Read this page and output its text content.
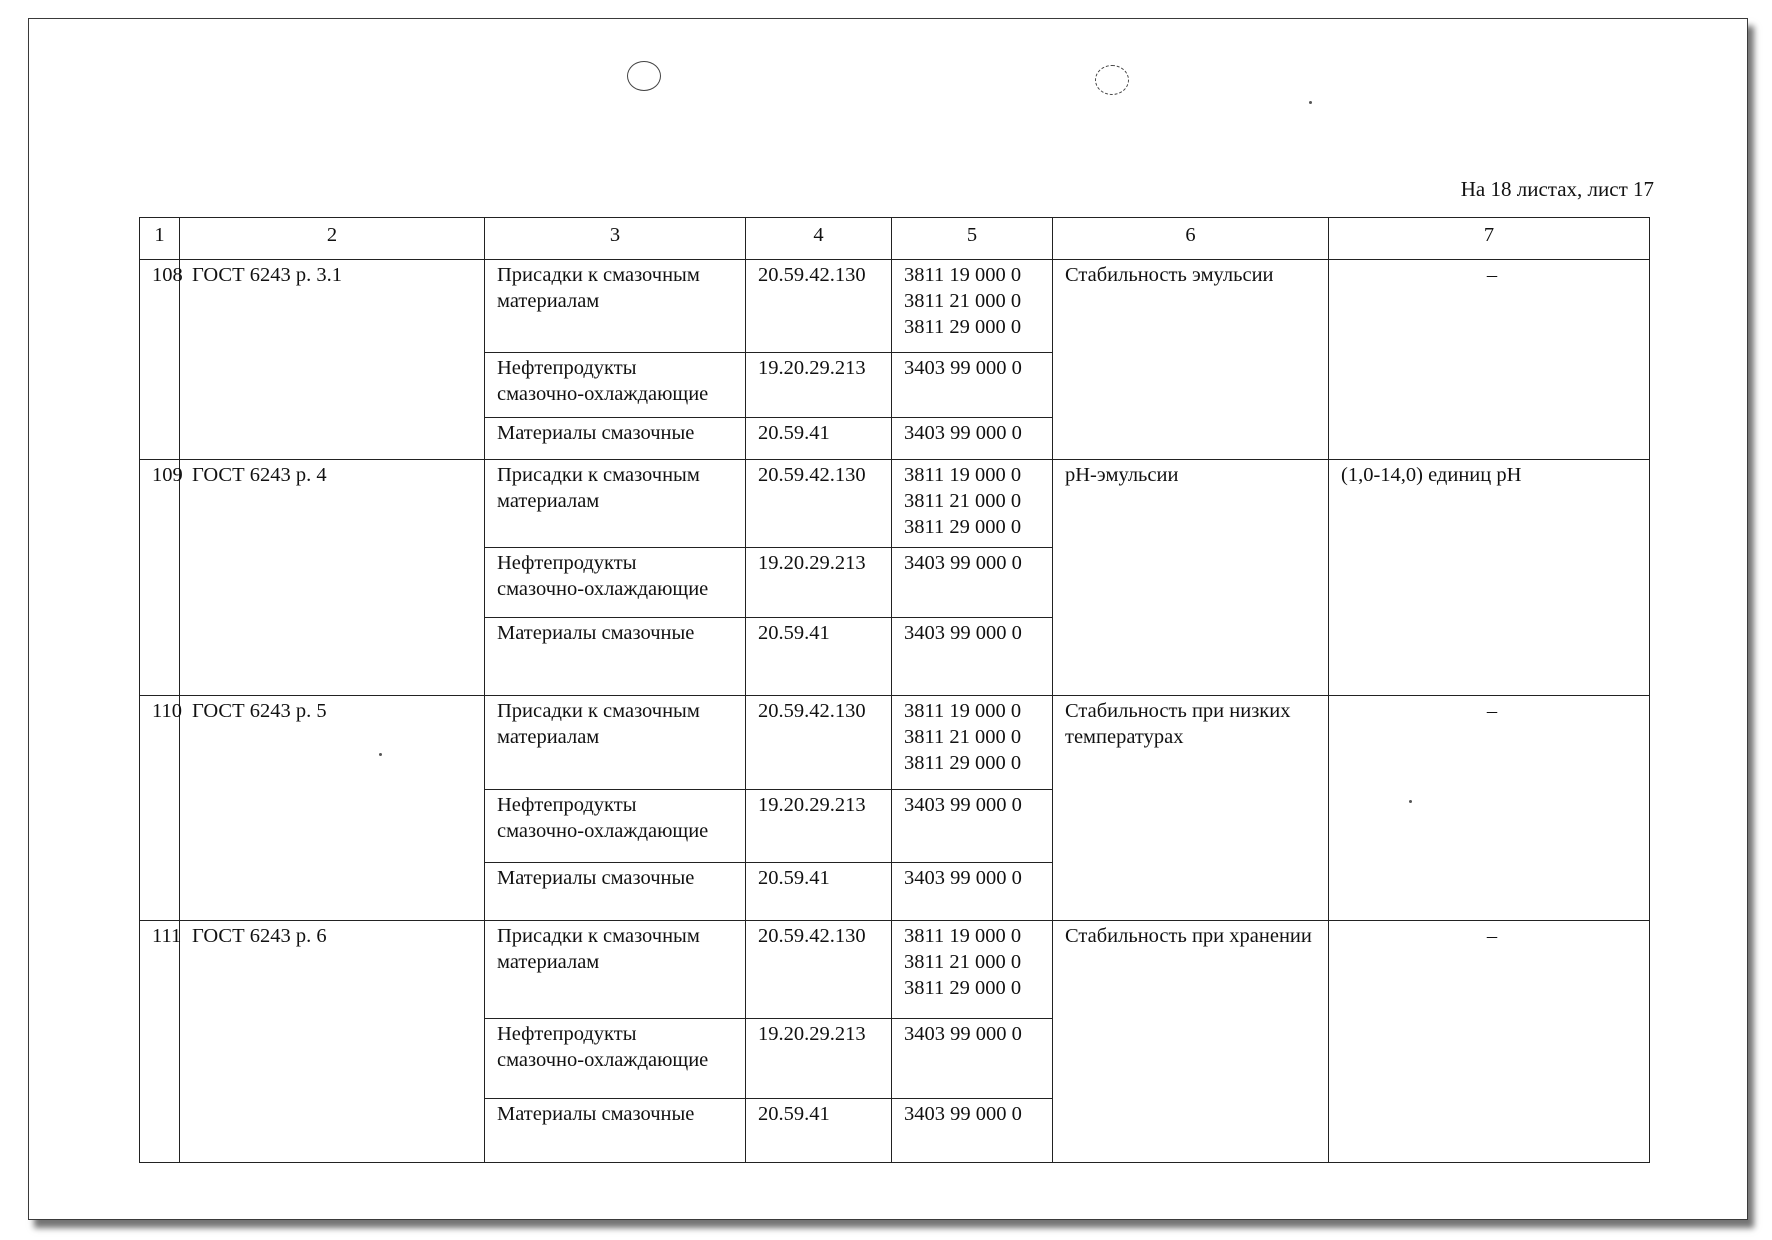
На 18 листах, лист 17
1	2	3	4	5	6	7
108	ГОСТ 6243 р. 3.1	Присадки к смазочным
материалам	20.59.42.130	3811 19 000 0
3811 21 000 0
3811 29 000 0	Стабильность эмульсии	–

		Нефтепродукты
смазочно-охлаждающие	19.20.29.213	3403 99 000 0		

		Материалы смазочные	20.59.41	3403 99 000 0		

109	ГОСТ 6243 р. 4	Присадки к смазочным
материалам	20.59.42.130	3811 19 000 0
3811 21 000 0
3811 29 000 0	pH-эмульсии	(1,0-14,0) единиц pH

		Нефтепродукты
смазочно-охлаждающие	19.20.29.213	3403 99 000 0		

		Материалы смазочные	20.59.41	3403 99 000 0		

110	ГОСТ 6243 р. 5	Присадки к смазочным
материалам	20.59.42.130	3811 19 000 0
3811 21 000 0
3811 29 000 0	Стабильность при низких температурах	–

		Нефтепродукты
смазочно-охлаждающие	19.20.29.213	3403 99 000 0		

		Материалы смазочные	20.59.41	3403 99 000 0		

111	ГОСТ 6243 р. 6	Присадки к смазочным
материалам	20.59.42.130	3811 19 000 0
3811 21 000 0
3811 29 000 0	Стабильность при хранении	–

		Нефтепродукты
смазочно-охлаждающие	19.20.29.213	3403 99 000 0		

		Материалы смазочные	20.59.41	3403 99 000 0		
